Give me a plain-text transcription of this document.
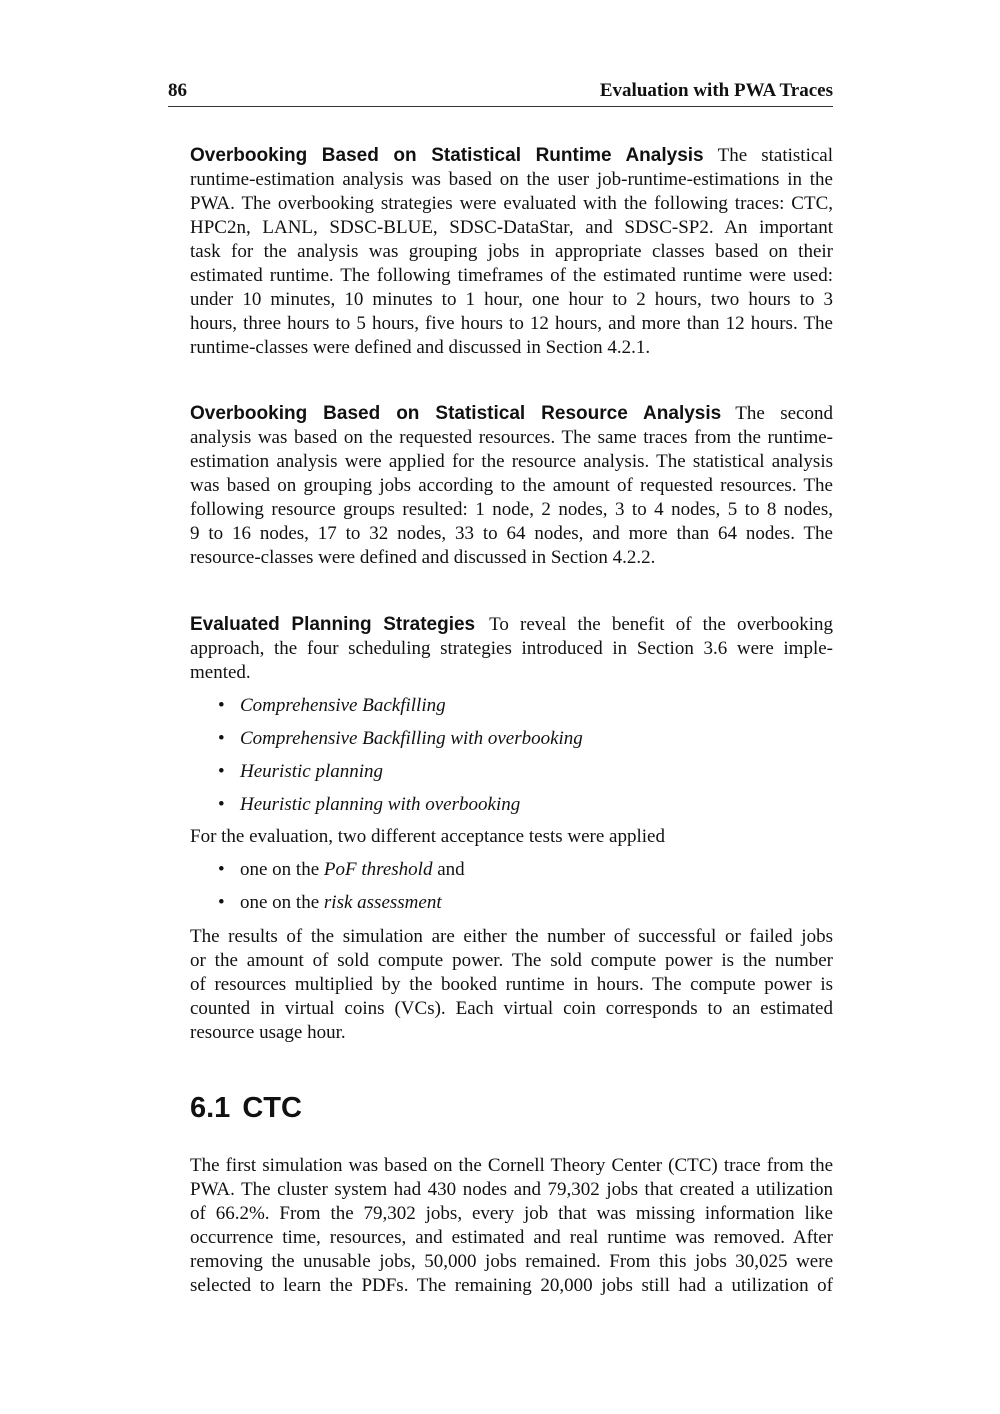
86	Evaluation with PWA Traces
Overbooking Based on Statistical Runtime Analysis The statistical
runtime-estimation analysis was based on the user job-runtime-estimations in the
PWA. The overbooking strategies were evaluated with the following traces: CTC,
HPC2n, LANL, SDSC-BLUE, SDSC-DataStar, and SDSC-SP2. An important
task for the analysis was grouping jobs in appropriate classes based on their
estimated runtime. The following timeframes of the estimated runtime were used:
under 10 minutes, 10 minutes to 1 hour, one hour to 2 hours, two hours to 3
hours, three hours to 5 hours, five hours to 12 hours, and more than 12 hours. The
runtime-classes were defined and discussed in Section 4.2.1.
Overbooking Based on Statistical Resource Analysis The second
analysis was based on the requested resources. The same traces from the runtime-
estimation analysis were applied for the resource analysis. The statistical analysis
was based on grouping jobs according to the amount of requested resources. The
following resource groups resulted: 1 node, 2 nodes, 3 to 4 nodes, 5 to 8 nodes,
9 to 16 nodes, 17 to 32 nodes, 33 to 64 nodes, and more than 64 nodes. The
resource-classes were defined and discussed in Section 4.2.2.
Evaluated Planning Strategies To reveal the benefit of the overbooking
approach, the four scheduling strategies introduced in Section 3.6 were imple-
mented.
• Comprehensive Backfilling
• Comprehensive Backfilling with overbooking
• Heuristic planning
• Heuristic planning with overbooking
For the evaluation, two different acceptance tests were applied
• one on the PoF threshold and
• one on the risk assessment
The results of the simulation are either the number of successful or failed jobs
or the amount of sold compute power. The sold compute power is the number
of resources multiplied by the booked runtime in hours. The compute power is
counted in virtual coins (VCs). Each virtual coin corresponds to an estimated
resource usage hour.
6.1 CTC
The first simulation was based on the Cornell Theory Center (CTC) trace from the
PWA. The cluster system had 430 nodes and 79,302 jobs that created a utilization
of 66.2%. From the 79,302 jobs, every job that was missing information like
occurrence time, resources, and estimated and real runtime was removed. After
removing the unusable jobs, 50,000 jobs remained. From this jobs 30,025 were
selected to learn the PDFs. The remaining 20,000 jobs still had a utilization of
